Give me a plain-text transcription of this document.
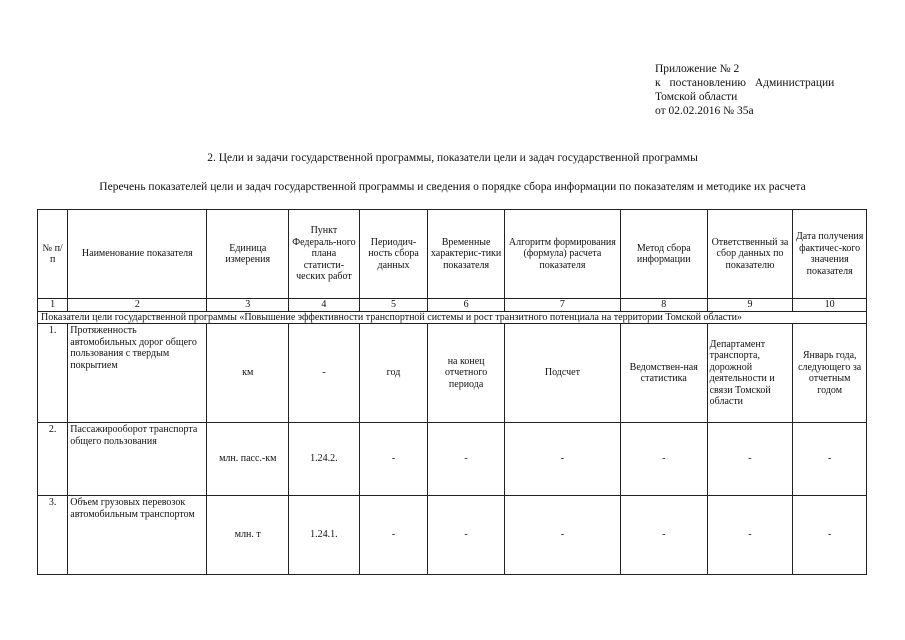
Приложение № 2
к постановлению Администрации
Томской области
от 02.02.2016 № 35а
2. Цели и задачи государственной программы, показатели цели и задач государственной программы
Перечень показателей цели и задач государственной программы и сведения о порядке сбора информации по показателям и методике их расчета
№ п/п	Наименование показателя	Единица измерения	Пункт Федераль-ного плана статисти-ческих работ	Периодич-ность сбора данных	Временные характерис-тики показателя	Алгоритм формирования (формула) расчета показателя	Метод сбора информации	Ответственный за сбор данных по показателю	Дата получения фактичес-кого значения показателя
1	2	3	4	5	6	7	8	9	10
Показатели цели государственной программы «Повышение эффективности транспортной системы и рост транзитного потенциала на территории Томской области»									
1.	Протяженность автомобильных дорог общего пользования с твердым покрытием	км	-	год	на конец отчетного периода	Подсчет	Ведомствен-ная статистика	Департамент транспорта, дорожной деятельности и связи Томской области	Январь года, следующего за отчетным годом
2.	Пассажирооборот транспорта общего пользования	млн. пасс.-км	1.24.2.	-	-	-	-	-	-
3.	Объем грузовых перевозок автомобильным транспортом	млн. т	1.24.1.	-	-	-	-	-	-
